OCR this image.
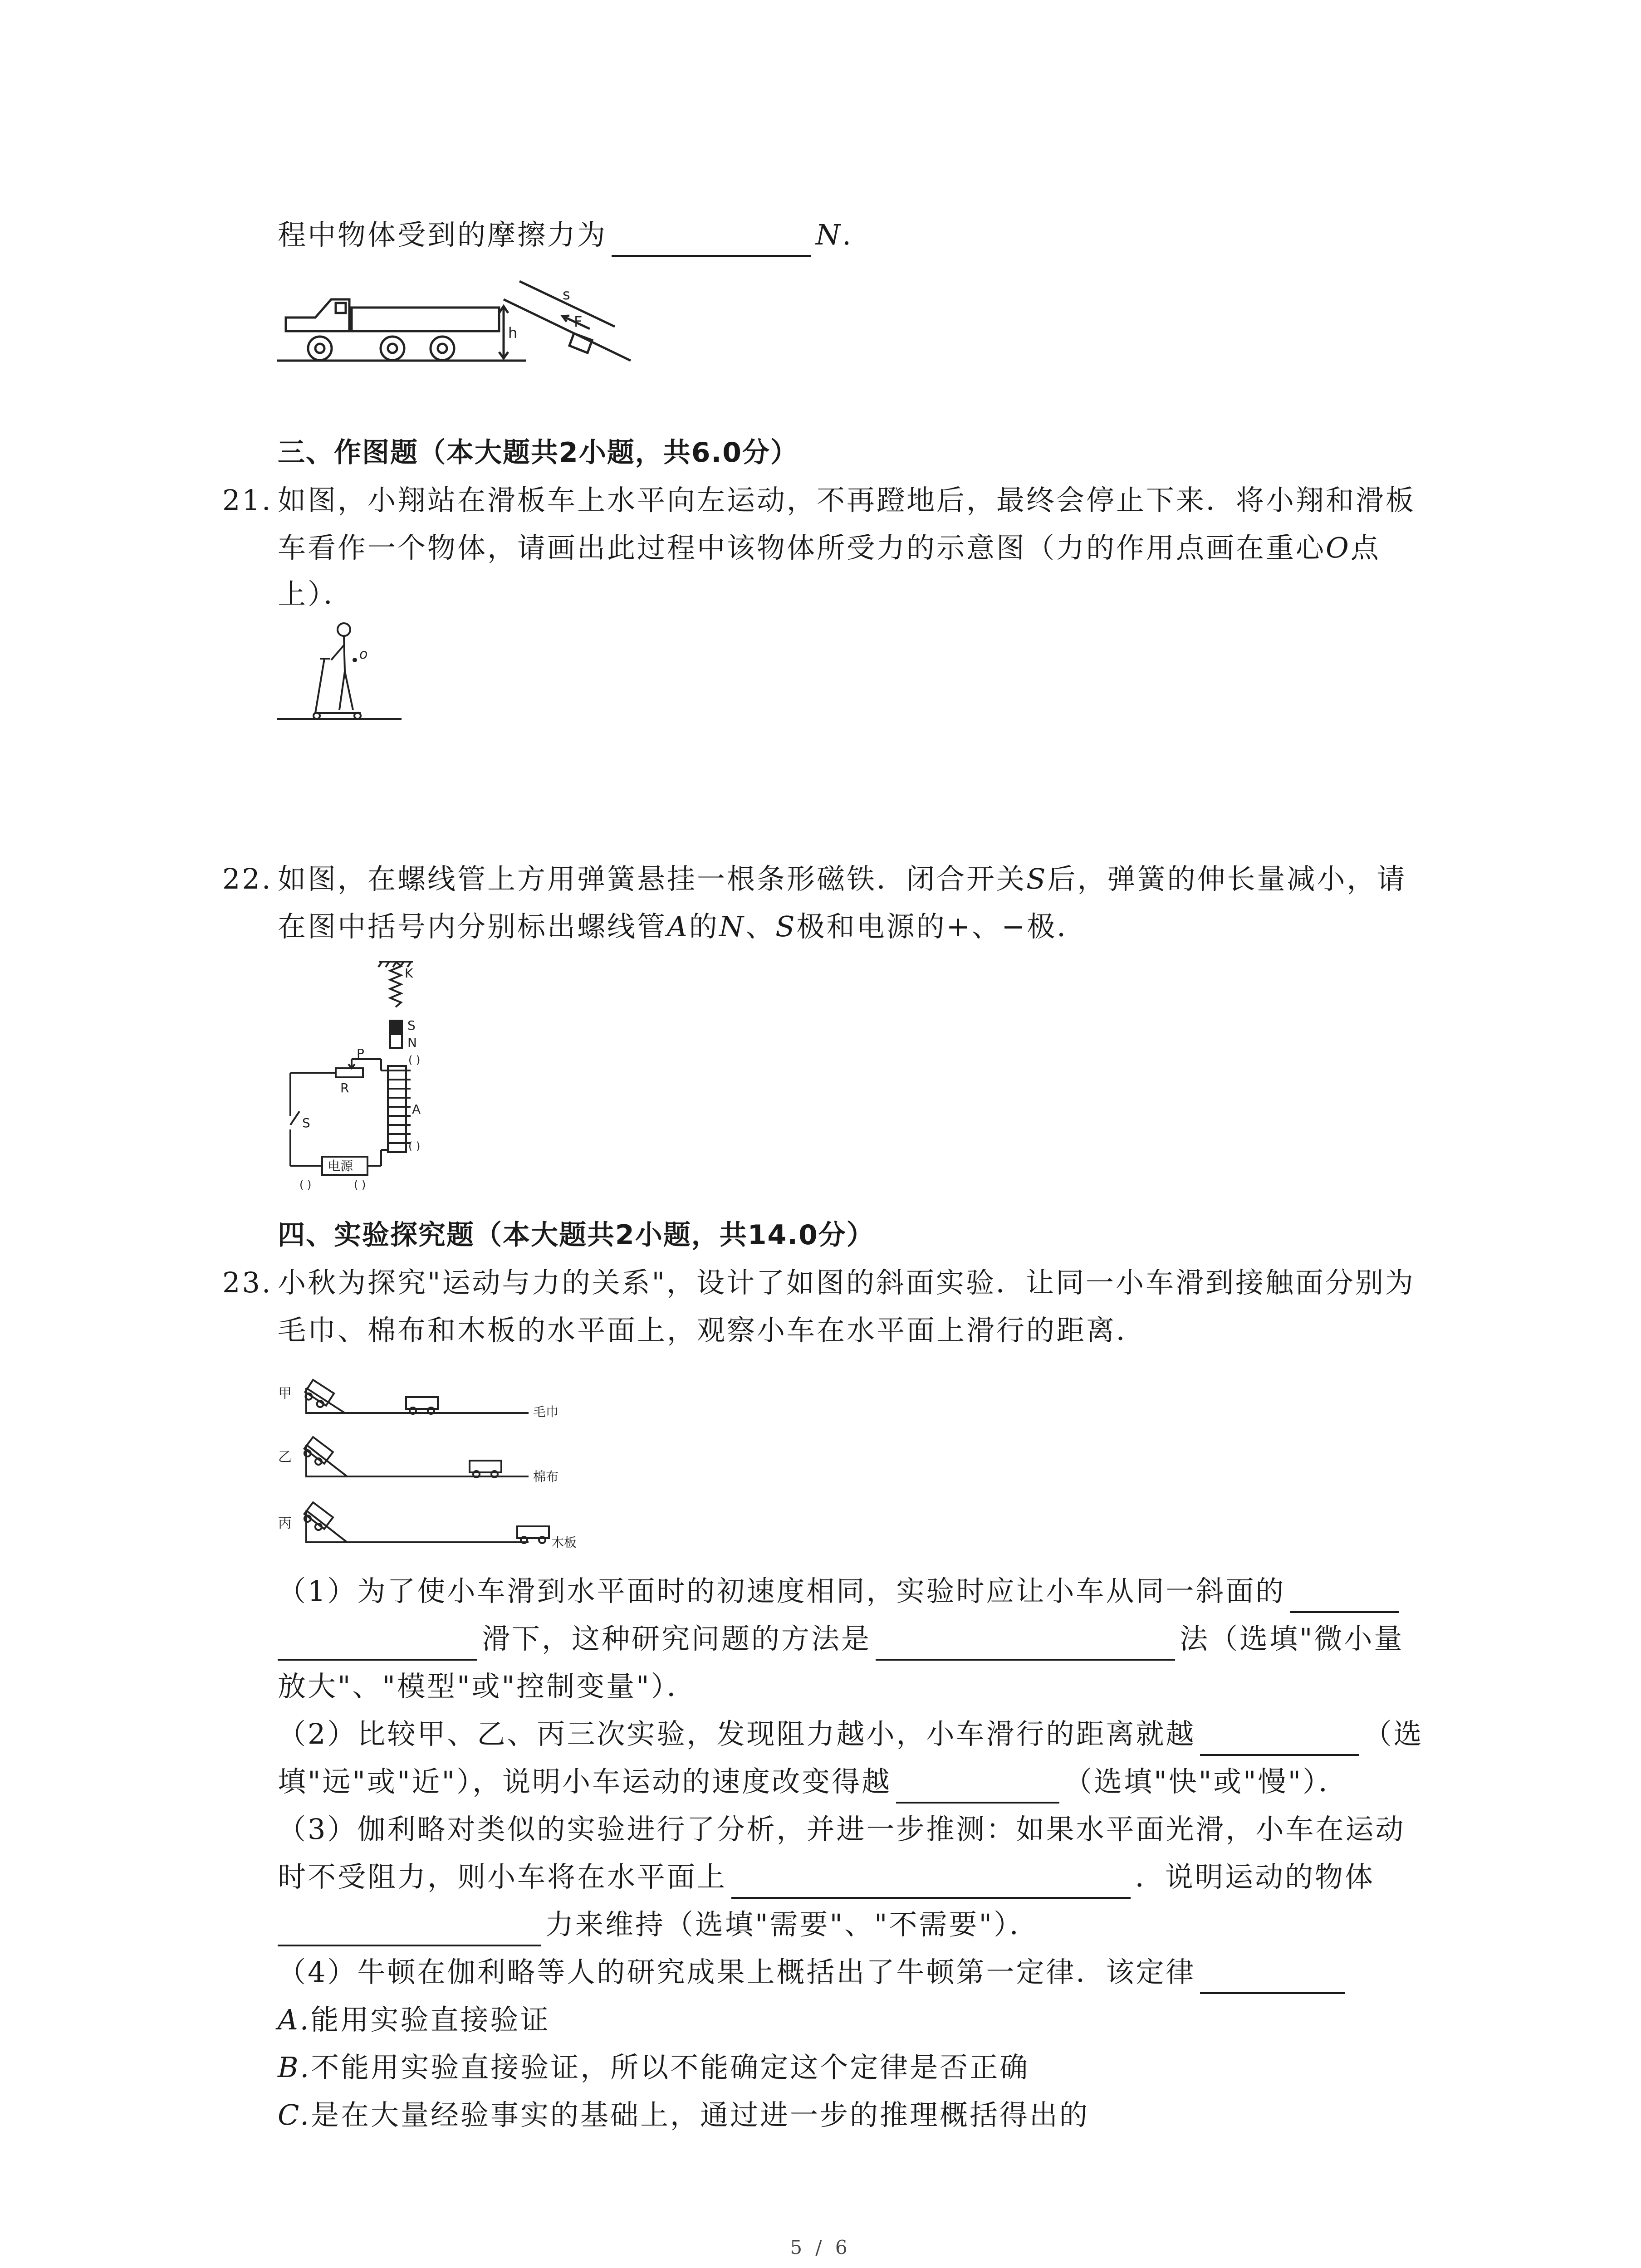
程中物体受到的摩擦力为	N.
s
F
h
三、作图题（本大题共2小题，共6.0分）
21. 如图，小翔站在滑板车上水平向左运动，不再蹬地后，最终会停止下来．将小翔和滑板
车看作一个物体，请画出此过程中该物体所受力的示意图（力的作用点画在重心O点
上）．
o
22. 如图，在螺线管上方用弹簧悬挂一根条形磁铁．闭合开关S后，弹簧的伸长量减小，请
在图中括号内分别标出螺线管A的N、S极和电源的+、−极．
K
S
N
( )
P
R
S
A
( )
电源
( )	( )
四、实验探究题（本大题共2小题，共14.0分）
23. 小秋为探究"运动与力的关系"，设计了如图的斜面实验．让同一小车滑到接触面分别为
毛巾、棉布和木板的水平面上，观察小车在水平面上滑行的距离．
甲
毛巾
乙
棉布
丙
木板
（1）为了使小车滑到水平面时的初速度相同，实验时应让小车从同一斜面的
滑下，这种研究问题的方法是	法（选填"微小量
放大"、"模型"或"控制变量"）．
（2）比较甲、乙、丙三次实验，发现阻力越小，小车滑行的距离就越	（选
填"远"或"近"），说明小车运动的速度改变得越	（选填"快"或"慢"）．
（3）伽利略对类似的实验进行了分析，并进一步推测：如果水平面光滑，小车在运动
时不受阻力，则小车将在水平面上	．说明运动的物体
力来维持（选填"需要"、"不需要"）．
（4）牛顿在伽利略等人的研究成果上概括出了牛顿第一定律．该定律
A.能用实验直接验证
B.不能用实验直接验证，所以不能确定这个定律是否正确
C.是在大量经验事实的基础上，通过进一步的推理概括得出的
5 / 6
